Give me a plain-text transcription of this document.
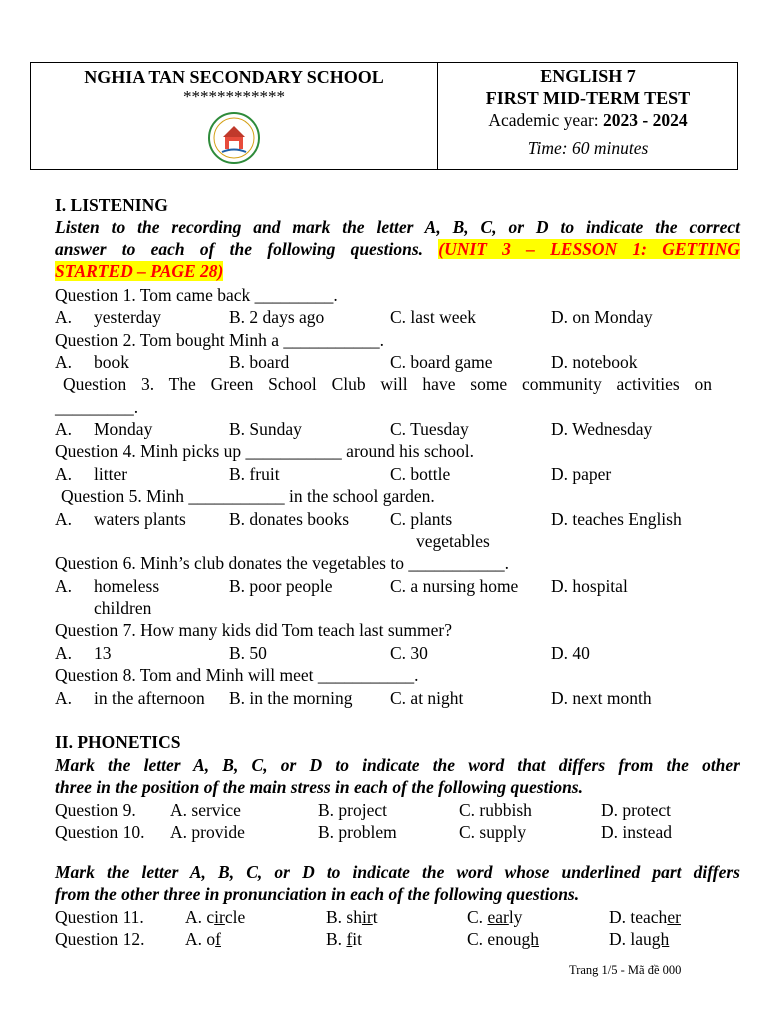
NGHIA TAN SECONDARY SCHOOL
************
ENGLISH 7
FIRST MID-TERM TEST
Academic year: 2023 - 2024
Time: 60 minutes
I. LISTENING
Listen to the recording and mark the letter A, B, C, or D to indicate the correct
answer to each of the following questions. (UNIT 3 – LESSON 1: GETTING
STARTED – PAGE 28)
Question 1. Tom came back _________.
A. yesterday	B. 2 days ago	C. last week	D. on Monday
Question 2. Tom bought Minh a ___________.
A. book	B. board	C. board game	D. notebook
Question 3. The Green School Club will have some community activities on
_________.
A. Monday	B. Sunday	C. Tuesday	D. Wednesday
Question 4. Minh picks up ___________ around his school.
A. litter	B. fruit	C. bottle	D. paper
Question 5. Minh ___________ in the school garden.
A. waters plants B. donates books C. plants
vegetables
D. teaches English
Question 6. Minh’s club donates the vegetables to ___________.
A. homeless
children
B. poor people	C. a nursing home D. hospital
Question 7. How many kids did Tom teach last summer?
A. 13	B. 50	C. 30	D. 40
Question 8. Tom and Minh will meet ___________.
A. in the afternoon B. in the morning C. at night	D. next month
II. PHONETICS
Mark the letter A, B, C, or D to indicate the word that differs from the other
three in the position of the main stress in each of the following questions.
Question 9. A. service	B. project	C. rubbish	D. protect
Question 10. A. provide	B. problem	C. supply	D. instead
Mark the letter A, B, C, or D to indicate the word whose underlined part differs
from the other three in pronunciation in each of the following questions.
Question 11. A. circle	B. shirt	C. early	D. teacher
Question 12. A. of	B. fit	C. enough	D. laugh
Trang 1/5 - Mã đề 000
